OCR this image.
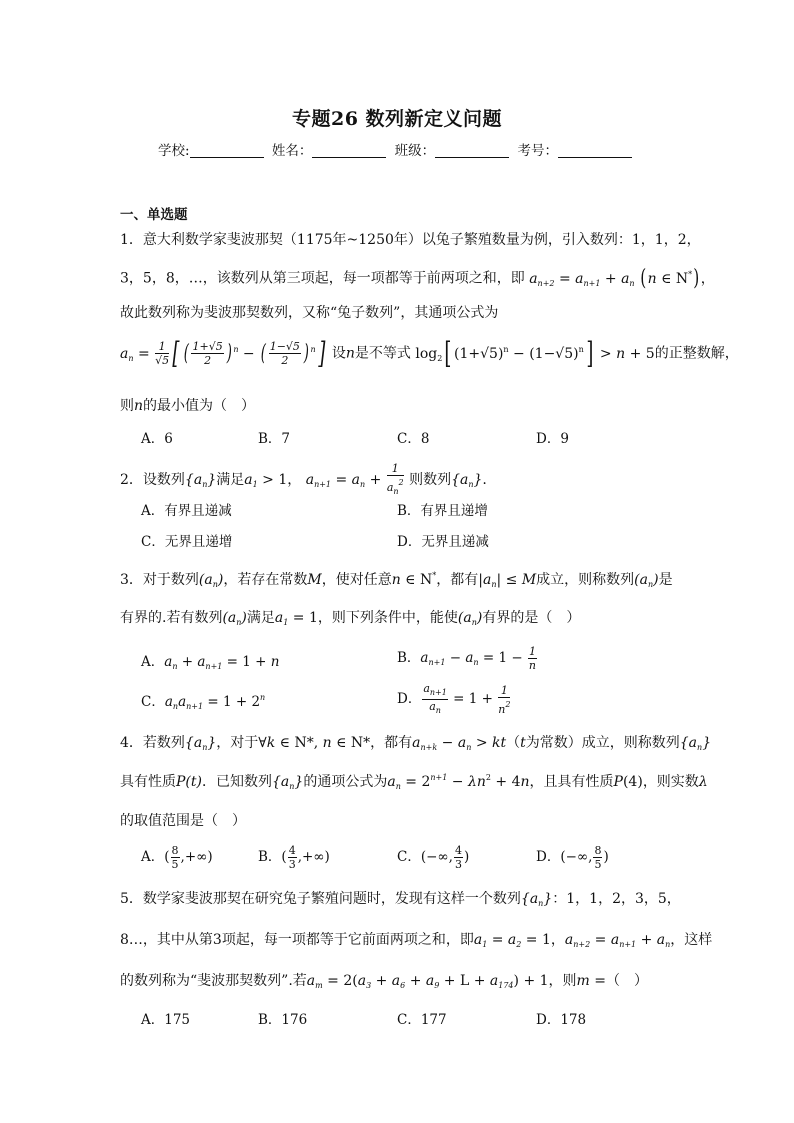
专题26 数列新定义问题
学校:	姓名：	班级：	考号：
一、单选题
1．意大利数学家斐波那契（1175年~1250年）以兔子繁殖数量为例，引入数列：1，1，2，
3，5，8，…，该数列从第三项起，每一项都等于前两项之和，即 $a_{n+2} = a_{n+1} + a_n$ (n ∈ N*)，
故此数列称为斐波那契数列，又称“兔子数列”，其通项公式为
$a_n = \frac{1}{√5}$ [ ( $\frac{1+√5}{2}$ ) $^n$ − ( $\frac{1-√5}{2}$ ) $^n$] 设n是不等式 $\log_2$[ $(1+√5)^n - (1-√5)^n] > n + 5$的正整数解，
则n的最小值为（　）
A．6	B．7	C．8	D．9
2．设数列$\{a_n\}$满足$a_1 > 1$， $a_{n+1} = a_n + \frac{1}{a_n^2}$ 则数列$\{a_n\}$.
A．有界且递减	B．有界且递增
C．无界且递增	D．无界且递减
3．对于数列$(a_n)$，若存在常数M，使对任意n ∈ N*，都有$|a_n| \le M$成立，则称数列$(a_n)$是
有界的.若有数列$(a_n)$满足$a_1 = 1$，则下列条件中，能使$(a_n)$有界的是（　）
A．$a_n + a_{n+1} = 1 + n$	B．$a_{n+1} - a_n = 1 - \frac{1}{n}$
C．$a_na_{n+1} = 1 + 2^n$	D． $\frac{a_{n+1}}{a_n} = 1 + \frac{1}{n^2}$
4．若数列$\{a_n\}$，对于∀k ∈ N*, n ∈ N*，都有$a_{n+k} - a_n > kt(t$为常数）成立，则称数列$\{a_n\}$
具有性质P(t)．已知数列$\{a_n\}$的通项公式为$a_n = 2^{n+1} - \lambda n^2 + 4n$，且具有性质P(4)，则实数λ
的取值范围是（　）
A．( $\frac{8}{5}$ ,+∞)	B．( $\frac{4}{3}$ ,+∞)	C．(−∞, $\frac{4}{3}$ )	D．(−∞, $\frac{8}{5}$ )
5．数学家斐波那契在研究兔子繁殖问题时，发现有这样一个数列$\{a_n\}$：1，1，2，3，5，
8…，其中从第3项起，每一项都等于它前面两项之和，即$a_1 = a_2 = 1$，$a_{n+2} = a_{n+1} + a_n$，这样
的数列称为“斐波那契数列”.若$a_m = 2(a_3 + a_6 + a_9 + L + a_{174}) + 1$，则m =（　）
A．175	B．176	C．177	D．178
